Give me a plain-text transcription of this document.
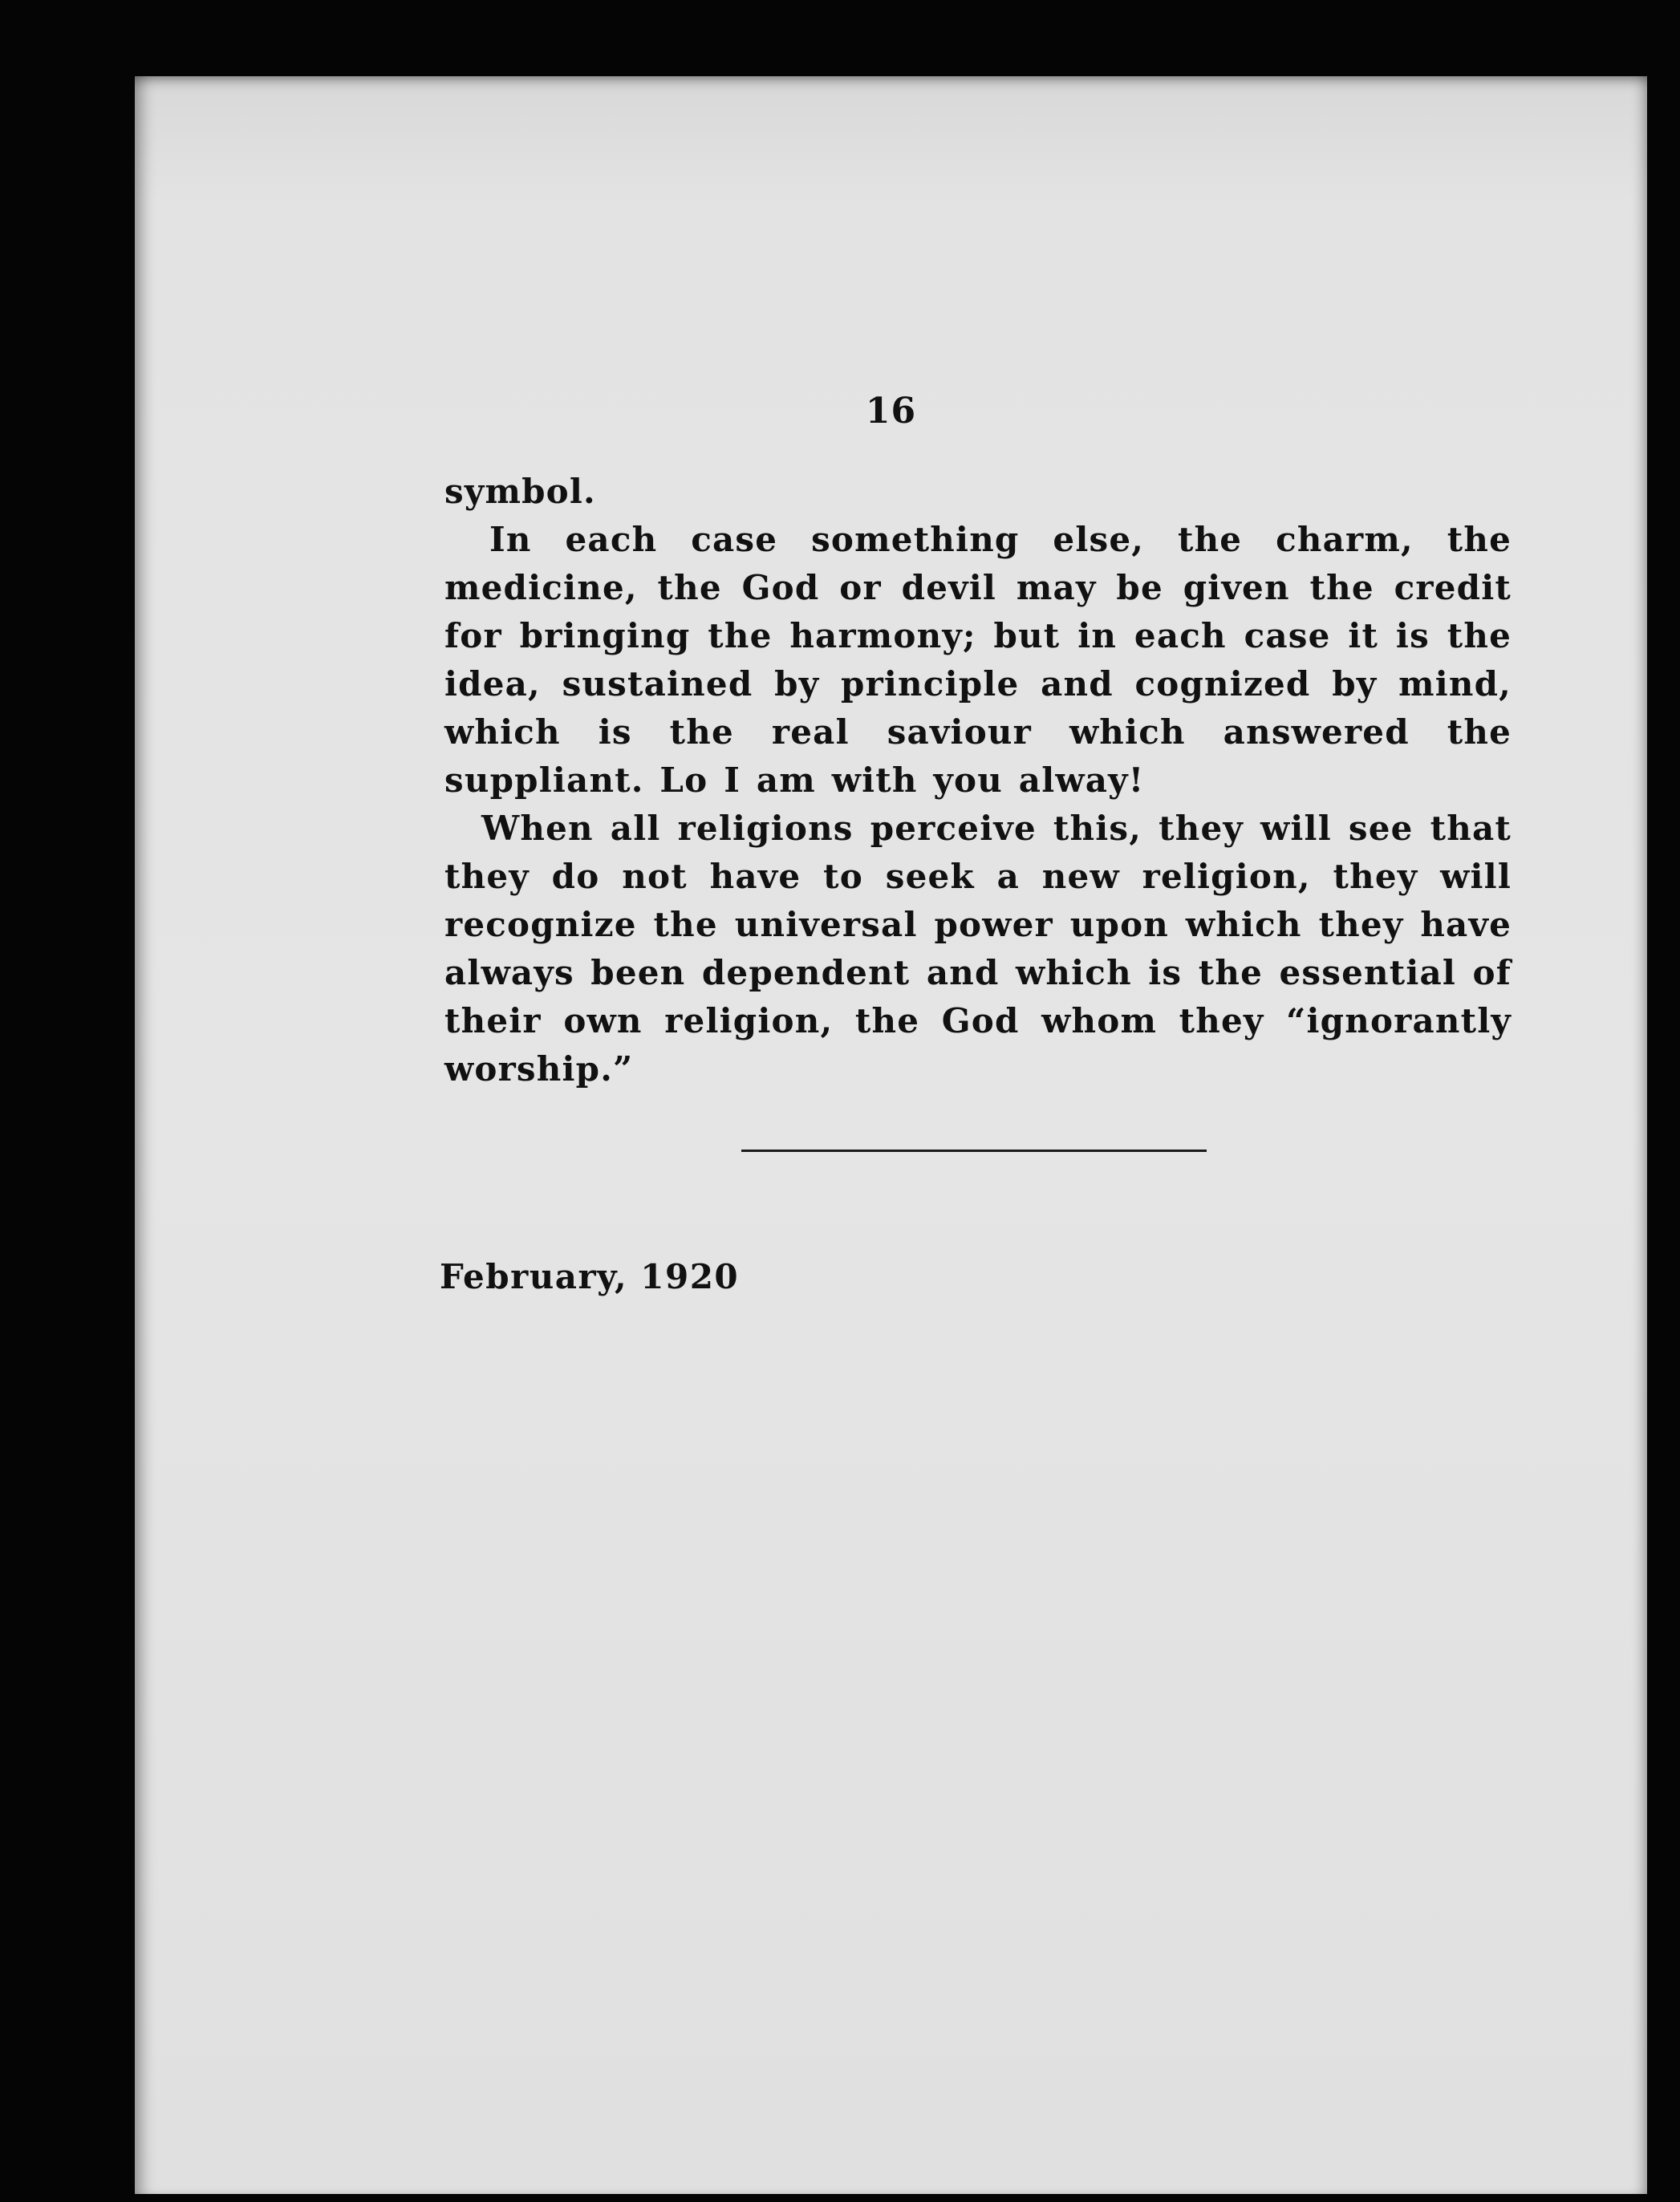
16

symbol.

In each case something else, the charm, the medicine, the God or devil may be given the credit for bringing the harmony; but in each case it is the idea, sustained by principle and cognized by mind, which is the real saviour which answered the suppliant. Lo I am with you alway!

When all religions perceive this, they will see that they do not have to seek a new religion, they will recognize the universal power upon which they have always been dependent and which is the essential of their own religion, the God whom they “ignorantly worship.”

February, 1920
